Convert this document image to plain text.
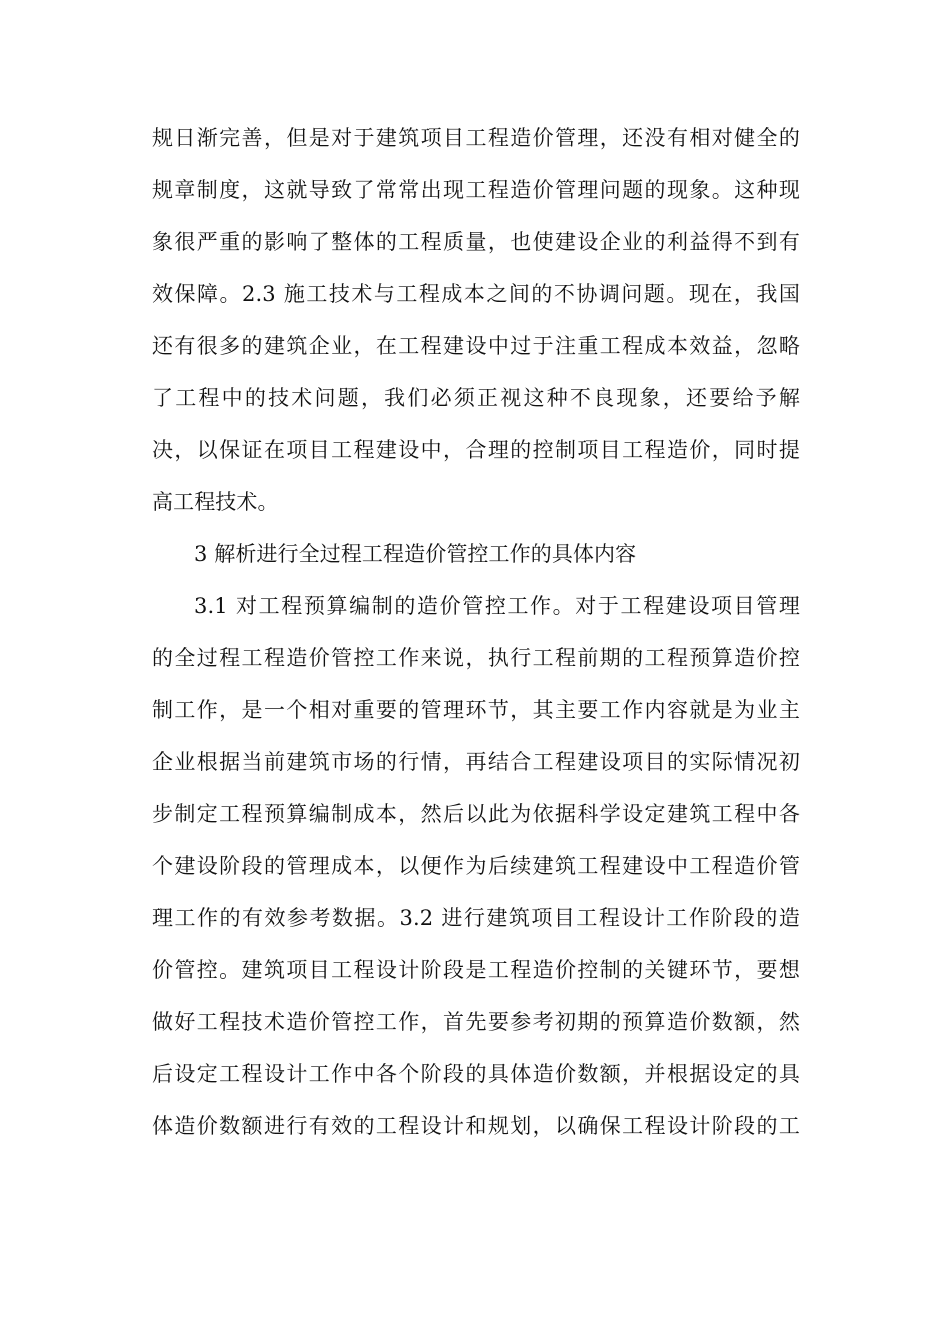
规日渐完善，但是对于建筑项目工程造价管理，还没有相对健全的
规章制度，这就导致了常常出现工程造价管理问题的现象。这种现
象很严重的影响了整体的工程质量，也使建设企业的利益得不到有
效保障。2.3 施工技术与工程成本之间的不协调问题。现在，我国
还有很多的建筑企业，在工程建设中过于注重工程成本效益，忽略
了工程中的技术问题，我们必须正视这种不良现象，还要给予解
决，以保证在项目工程建设中，合理的控制项目工程造价，同时提
高工程技术。
3 解析进行全过程工程造价管控工作的具体内容
3.1 对工程预算编制的造价管控工作。对于工程建设项目管理
的全过程工程造价管控工作来说，执行工程前期的工程预算造价控
制工作，是一个相对重要的管理环节，其主要工作内容就是为业主
企业根据当前建筑市场的行情，再结合工程建设项目的实际情况初
步制定工程预算编制成本，然后以此为依据科学设定建筑工程中各
个建设阶段的管理成本，以便作为后续建筑工程建设中工程造价管
理工作的有效参考数据。3.2 进行建筑项目工程设计工作阶段的造
价管控。建筑项目工程设计阶段是工程造价控制的关键环节，要想
做好工程技术造价管控工作，首先要参考初期的预算造价数额，然
后设定工程设计工作中各个阶段的具体造价数额，并根据设定的具
体造价数额进行有效的工程设计和规划，以确保工程设计阶段的工
